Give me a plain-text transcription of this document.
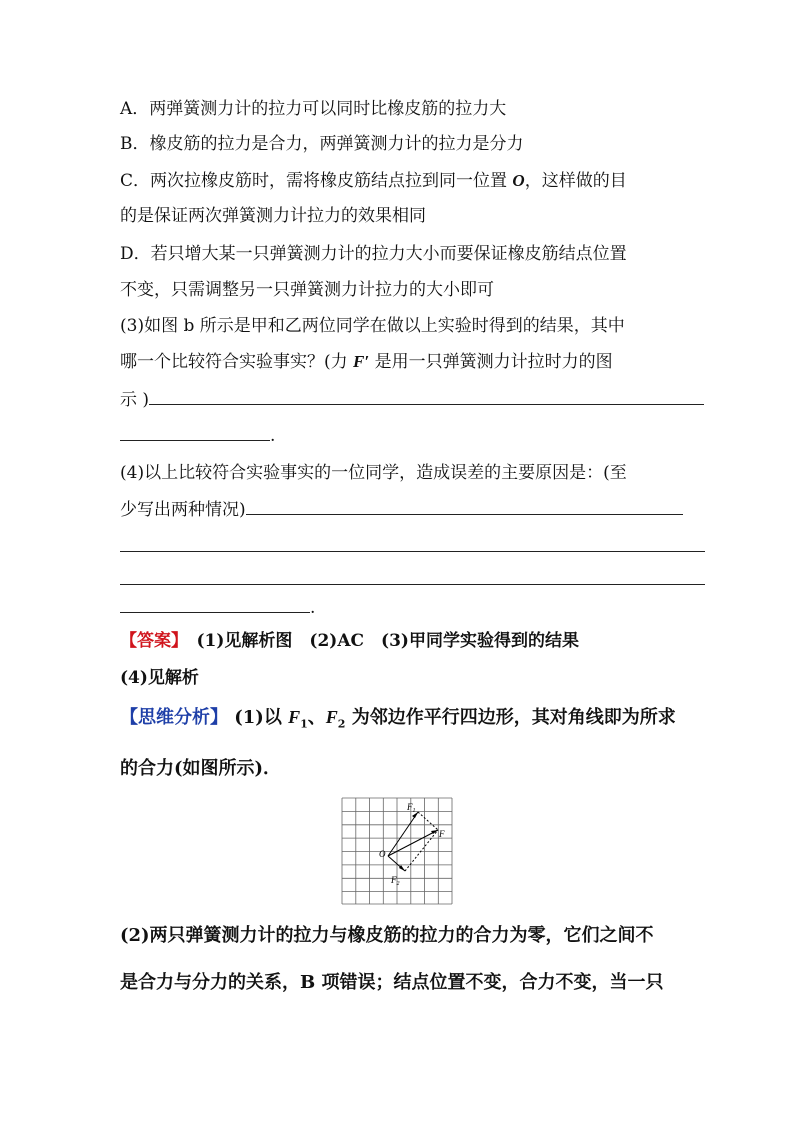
A．两弹簧测力计的拉力可以同时比橡皮筋的拉力大
B．橡皮筋的拉力是合力，两弹簧测力计的拉力是分力
C．两次拉橡皮筋时，需将橡皮筋结点拉到同一位置 O，这样做的目
的是保证两次弹簧测力计拉力的效果相同
D．若只增大某一只弹簧测力计的拉力大小而要保证橡皮筋结点位置
不变，只需调整另一只弹簧测力计拉力的大小即可
(3)如图 b 所示是甲和乙两位同学在做以上实验时得到的结果，其中
哪一个比较符合实验事实？(力 F′ 是用一只弹簧测力计拉时力的图
示 )
.
(4)以上比较符合实验事实的一位同学，造成误差的主要原因是：(至
少写出两种情况)
.
【答案】　(1)见解析图　(2)AC　(3)甲同学实验得到的结果
(4)见解析
【思维分析】 (1)以 $F_1$、$F_2$ 为邻边作平行四边形，其对角线即为所求
的合力(如图所示)．
$F_1$
F
O
$F_2$
(2)两只弹簧测力计的拉力与橡皮筋的拉力的合力为零，它们之间不
是合力与分力的关系，B 项错误；结点位置不变，合力不变，当一只
